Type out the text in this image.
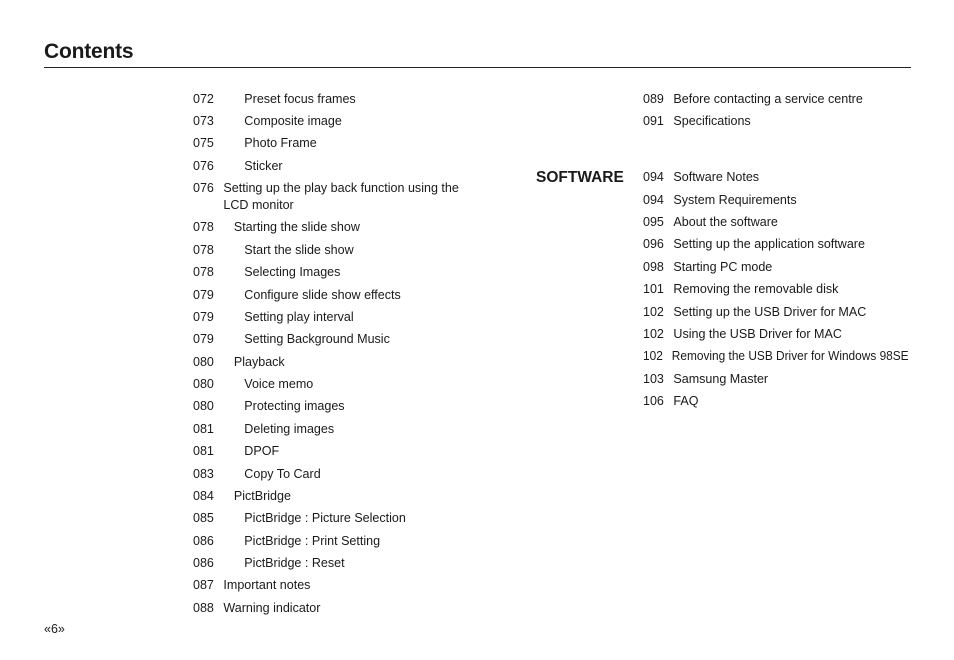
Contents
072 Preset focus frames
073 Composite image
075 Photo Frame
076 Sticker
076 Setting up the play back function using the
LCD monitor
078 Starting the slide show
078 Start the slide show
078 Selecting Images
079 Configure slide show effects
079 Setting play interval
079 Setting Background Music
080 Playback
080 Voice memo
080 Protecting images
081 Deleting images
081 DPOF
083 Copy To Card
084 PictBridge
085 PictBridge : Picture Selection
086 PictBridge : Print Setting
086 PictBridge : Reset
087 Important notes
088 Warning indicator
089 Before contacting a service centre
091 Specifications
SOFTWARE 094 Software Notes
094 System Requirements
095 About the software
096 Setting up the application software
098 Starting PC mode
101 Removing the removable disk
102 Setting up the USB Driver for MAC
102 Using the USB Driver for MAC
102 Removing the USB Driver for Windows 98SE
103 Samsung Master
106 FAQ
«6»
